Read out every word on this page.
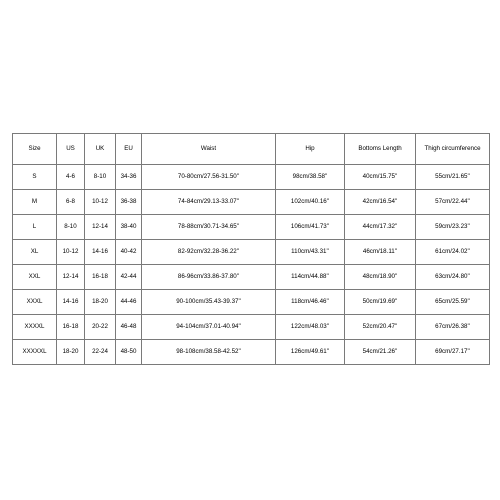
Size	US	UK	EU	Waist	Hip	Bottoms Length	Thigh circumference
S	4-6	8-10	34-36	70-80cm/27.56-31.50''	98cm/38.58''	40cm/15.75''	55cm/21.65''
M	6-8	10-12	36-38	74-84cm/29.13-33.07''	102cm/40.16''	42cm/16.54''	57cm/22.44''
L	8-10	12-14	38-40	78-88cm/30.71-34.65''	106cm/41.73''	44cm/17.32''	59cm/23.23''
XL	10-12	14-16	40-42	82-92cm/32.28-36.22''	110cm/43.31''	46cm/18.11''	61cm/24.02''
XXL	12-14	16-18	42-44	86-96cm/33.86-37.80''	114cm/44.88''	48cm/18.90''	63cm/24.80''
XXXL	14-16	18-20	44-46	90-100cm/35.43-39.37''	118cm/46.46''	50cm/19.69''	65cm/25.59''
XXXXL	16-18	20-22	46-48	94-104cm/37.01-40.94''	122cm/48.03''	52cm/20.47''	67cm/26.38''
XXXXXL	18-20	22-24	48-50	98-108cm/38.58-42.52''	126cm/49.61''	54cm/21.26''	69cm/27.17''
